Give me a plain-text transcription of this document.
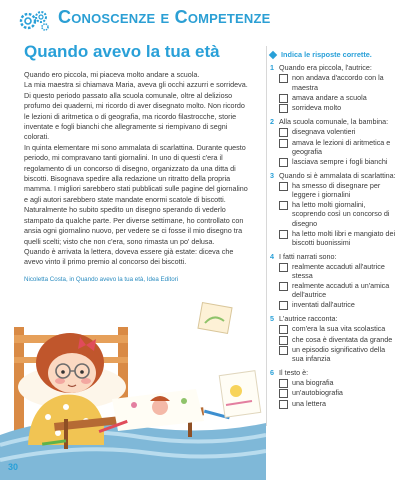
Conoscenze e Competenze
Quando avevo la tua età

Quando ero piccola, mi piaceva molto andare a scuola.

La mia maestra si chiamava Maria, aveva gli occhi azzurri e sorrideva. Di questo periodo passato alla scuola comunale, oltre al delizioso profumo dei quaderni, mi ricordo di aver disegnato molto. Non ricordo le lezioni di aritmetica o di geografia, ma ricordo filastrocche, storie inventate e fogli bianchi che allegramente si riempivano di segni colorati.

In quinta elementare mi sono ammalata di scarlattina. Durante questo periodo, mi compravano tanti giornalini. In uno di questi c'era il regolamento di un concorso di disegno, organizzato da una ditta di biscotti. Bisognava spedire alla redazione un ritratto della propria mamma. I migliori sarebbero stati pubblicati sulle pagine del giornalino e agli autori sarebbero state mandate enormi scatole di biscotti.

Naturalmente ho subito spedito un disegno sperando di vederlo stampato da qualche parte. Per diverse settimane, ho controllato con ansia ogni giornalino nuovo, per vedere se ci fosse il mio disegno tra quelli scelti; visto che non c'era, sono rimasta un po' delusa.

Quando è arrivata la lettera, doveva essere già estate: diceva che avevo vinto il primo premio al concorso dei biscotti.

Nicoletta Costa, in Quando avevo la tua età, Idea Editori
Indica le risposte corrette.
1 Quando era piccola, l'autrice:
non andava d'accordo con la maestra
amava andare a scuola
sorrideva molto
2 Alla scuola comunale, la bambina:
disegnava volentieri
amava le lezioni di aritmetica e geografia
lasciava sempre i fogli bianchi
3 Quando si è ammalata di scarlattina:
ha smesso di disegnare per leggere i giornalini
ha letto molti giornalini, scoprendo così un concorso di disegno
ha letto molti libri e mangiato dei biscotti buonissimi
4 I fatti narrati sono:
realmente accaduti all'autrice stessa
realmente accaduti a un'amica dell'autrice
inventati dall'autrice
5 L'autrice racconta:
com'era la sua vita scolastica
che cosa è diventata da grande
un episodio significativo della sua infanzia
6 Il testo è:
una biografia
un'autobiografia
una lettera
30
